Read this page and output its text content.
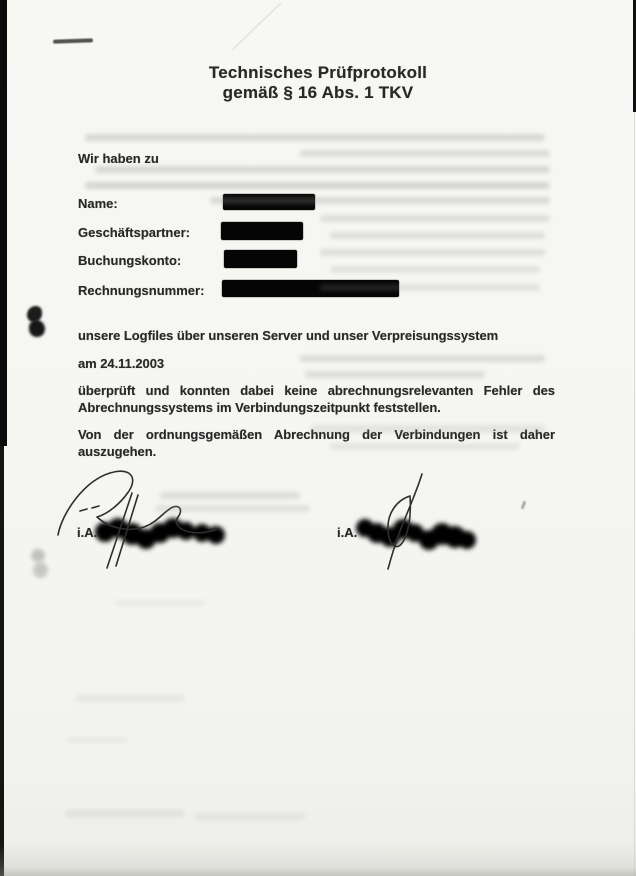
Technisches Prüfprotokoll
gemäß § 16 Abs. 1 TKV
Wir haben zu
Name:
Geschäftspartner:
Buchungskonto:
Rechnungsnummer:

unsere Logfiles über unseren Server und unser Verpreisungssystem

am 24.11.2003

überprüft und konnten dabei keine abrechnungsrelevanten Fehler des Abrechnungssystems im Verbindungszeitpunkt feststellen.

Von der ordnungsgemäßen Abrechnung der Verbindungen ist daher auszugehen.

i.A.	i.A.
